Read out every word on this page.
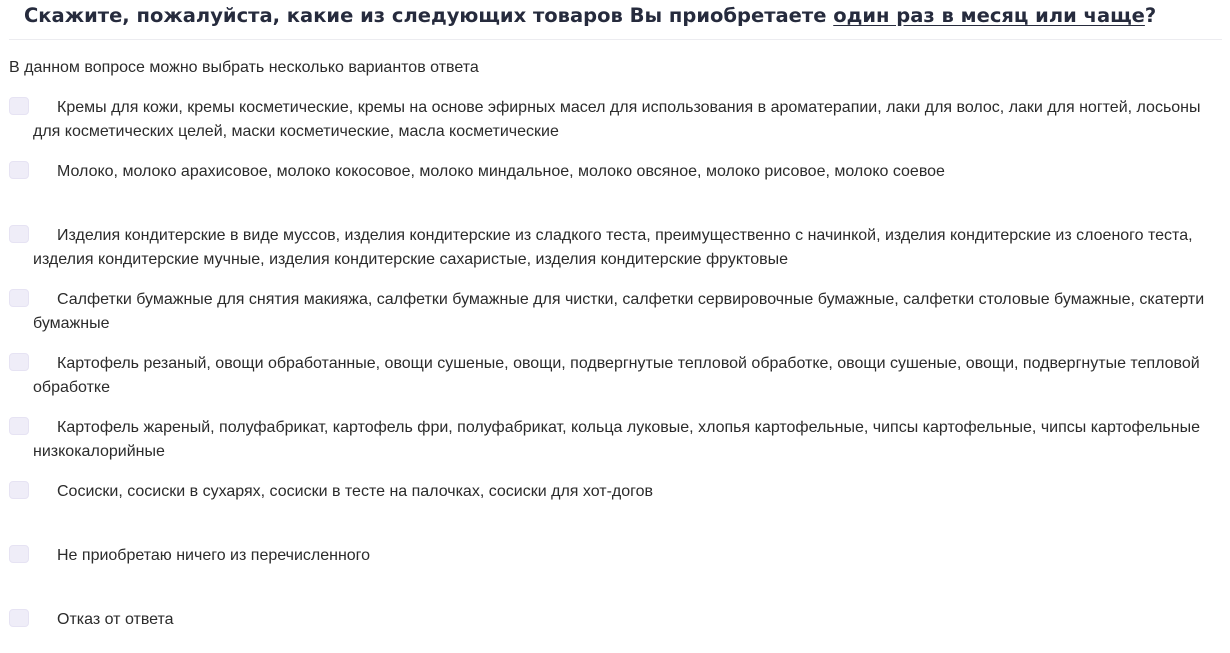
Скажите, пожалуйста, какие из следующих товаров Вы приобретаете один раз в месяц или чаще?
В данном вопросе можно выбрать несколько вариантов ответа
Кремы для кожи, кремы косметические, кремы на основе эфирных масел для использования в ароматерапии, лаки для волос, лаки для ногтей, лосьоны для косметических целей, маски косметические, масла косметические
Молоко, молоко арахисовое, молоко кокосовое, молоко миндальное, молоко овсяное, молоко рисовое, молоко соевое
Изделия кондитерские в виде муссов, изделия кондитерские из сладкого теста, преимущественно с начинкой, изделия кондитерские из слоеного теста, изделия кондитерские мучные, изделия кондитерские сахаристые, изделия кондитерские фруктовые
Салфетки бумажные для снятия макияжа, салфетки бумажные для чистки, салфетки сервировочные бумажные, салфетки столовые бумажные, скатерти бумажные
Картофель резаный, овощи обработанные, овощи сушеные, овощи, подвергнутые тепловой обработке, овощи сушеные, овощи, подвергнутые тепловой обработке
Картофель жареный, полуфабрикат, картофель фри, полуфабрикат, кольца луковые, хлопья картофельные, чипсы картофельные, чипсы картофельные низкокалорийные
Сосиски, сосиски в сухарях, сосиски в тесте на палочках, сосиски для хот-догов
Не приобретаю ничего из перечисленного
Отказ от ответа
